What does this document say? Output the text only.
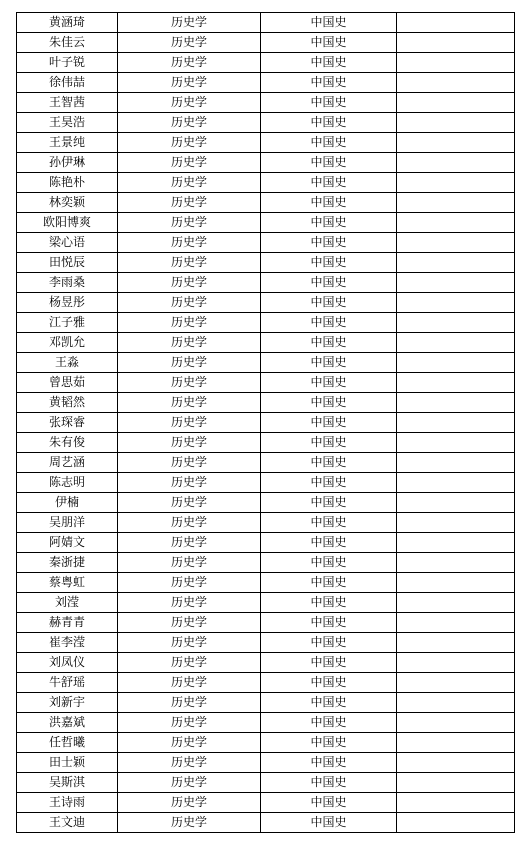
黄涵琦	历史学	中国史	
朱佳云	历史学	中国史	
叶子锐	历史学	中国史	
徐伟喆	历史学	中国史	
王智茜	历史学	中国史	
王昊浩	历史学	中国史	
王景纯	历史学	中国史	
孙伊琳	历史学	中国史	
陈艳朴	历史学	中国史	
林奕颖	历史学	中国史	
欧阳博爽	历史学	中国史	
梁心语	历史学	中国史	
田悦辰	历史学	中国史	
李雨桑	历史学	中国史	
杨昱彤	历史学	中国史	
江子雅	历史学	中国史	
邓凯允	历史学	中国史	
王淼	历史学	中国史	
曾思茹	历史学	中国史	
黄韬然	历史学	中国史	
张琛睿	历史学	中国史	
朱有俊	历史学	中国史	
周艺涵	历史学	中国史	
陈志明	历史学	中国史	
伊楠	历史学	中国史	
吴朋洋	历史学	中国史	
阿婧文	历史学	中国史	
秦浙捷	历史学	中国史	
蔡粤虹	历史学	中国史	
刘滢	历史学	中国史	
赫青青	历史学	中国史	
崔李滢	历史学	中国史	
刘凤仪	历史学	中国史	
牛舒瑶	历史学	中国史	
刘新宇	历史学	中国史	
洪嘉斌	历史学	中国史	
任哲曦	历史学	中国史	
田士颖	历史学	中国史	
吴斯淇	历史学	中国史	
王诗雨	历史学	中国史	
王文迪	历史学	中国史	
